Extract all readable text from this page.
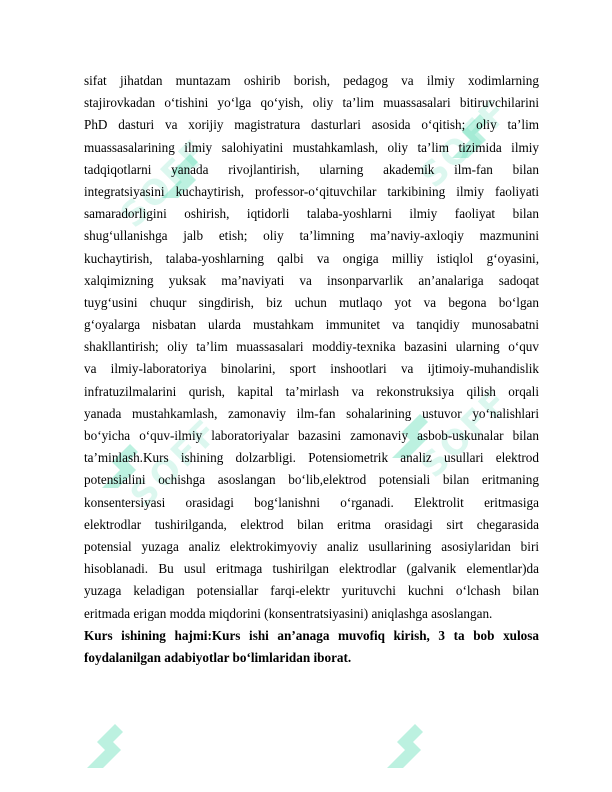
SOFF	SOFF
SOFF	SOFF
sifat jihatdan muntazam oshirib borish, pedagog va ilmiy xodimlarning
stajirovkadan o‘tishini yo‘lga qo‘yish, oliy ta’lim muassasalari bitiruvchilarini
PhD dasturi va xorijiy magistratura dasturlari asosida o‘qitish; oliy ta’lim
muassasalarining ilmiy salohiyatini mustahkamlash, oliy ta’lim tizimida ilmiy
tadqiqotlarni yanada rivojlantirish, ularning akademik ilm-fan bilan
integratsiyasini kuchaytirish, professor-o‘qituvchilar tarkibining ilmiy faoliyati
samaradorligini oshirish, iqtidorli talaba-yoshlarni ilmiy faoliyat bilan
shug‘ullanishga jalb etish; oliy ta’limning ma’naviy-axloqiy mazmunini
kuchaytirish, talaba-yoshlarning qalbi va ongiga milliy istiqlol g‘oyasini,
xalqimizning yuksak ma’naviyati va insonparvarlik an’analariga sadoqat
tuyg‘usini chuqur singdirish, biz uchun mutlaqo yot va begona bo‘lgan
g‘oyalarga nisbatan ularda mustahkam immunitet va tanqidiy munosabatni
shakllantirish; oliy ta’lim muassasalari moddiy-texnika bazasini ularning o‘quv
va ilmiy-laboratoriya binolarini, sport inshootlari va ijtimoiy-muhandislik
infratuzilmalarini qurish, kapital ta’mirlash va rekonstruksiya qilish orqali
yanada mustahkamlash, zamonaviy ilm-fan sohalarining ustuvor yo‘nalishlari
bo‘yicha o‘quv-ilmiy laboratoriyalar bazasini zamonaviy asbob-uskunalar bilan
ta’minlash.Kurs ishining dolzarbligi. Potensiometrik analiz usullari elektrod
potensialini ochishga asoslangan bo‘lib,elektrod potensiali bilan eritmaning
konsentersiyasi orasidagi bog‘lanishni o‘rganadi. Elektrolit eritmasiga
elektrodlar tushirilganda, elektrod bilan eritma orasidagi sirt chegarasida
potensial yuzaga analiz elektrokimyoviy analiz usullarining asosiylaridan biri
hisoblanadi. Bu usul eritmaga tushirilgan elektrodlar (galvanik elementlar)da
yuzaga keladigan potensiallar farqi-elektr yurituvchi kuchni o‘lchash bilan
eritmada erigan modda miqdorini (konsentratsiyasini) aniqlashga asoslangan.
Kurs ishining hajmi:Kurs ishi an’anaga muvofiq kirish, 3 ta bob xulosa
foydalanilgan adabiyotlar bo‘limlaridan iborat.
